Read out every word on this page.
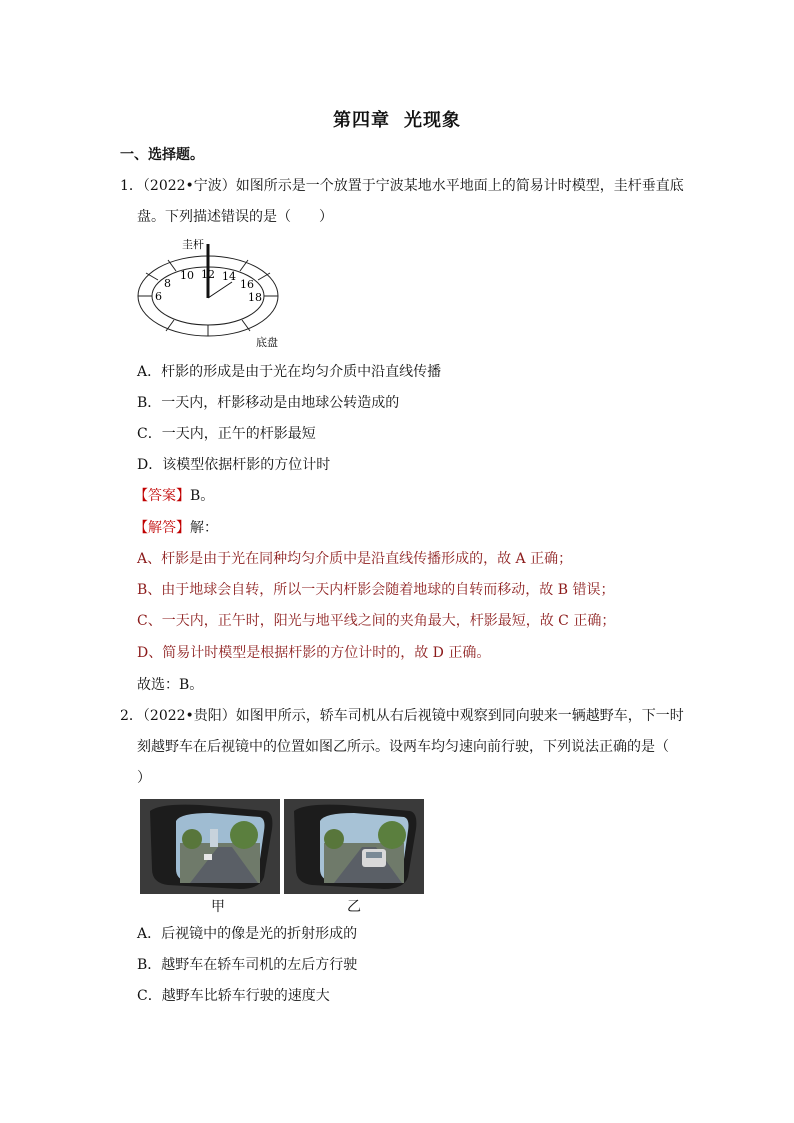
第四章 光现象
一、选择题。
1．（2022•宁波）如图所示是一个放置于宁波某地水平地面上的简易计时模型，圭杆垂直底
盘。下列描述错误的是（　　）
圭杆
底盘
6
8
10 12 14
16
18
A．杆影的形成是由于光在均匀介质中沿直线传播
B．一天内，杆影移动是由地球公转造成的
C．一天内，正午的杆影最短
D．该模型依据杆影的方位计时
【答案】B。
【解答】解：
A、杆影是由于光在同种均匀介质中是沿直线传播形成的，故 A 正确；
B、由于地球会自转，所以一天内杆影会随着地球的自转而移动，故 B 错误；
C、一天内，正午时，阳光与地平线之间的夹角最大，杆影最短，故 C 正确；
D、简易计时模型是根据杆影的方位计时的，故 D 正确。
故选：B。
2．（2022•贵阳）如图甲所示，轿车司机从右后视镜中观察到同向驶来一辆越野车，下一时
刻越野车在后视镜中的位置如图乙所示。设两车均匀速向前行驶，下列说法正确的是（
）
甲	乙
A．后视镜中的像是光的折射形成的
B．越野车在轿车司机的左后方行驶
C．越野车比轿车行驶的速度大
